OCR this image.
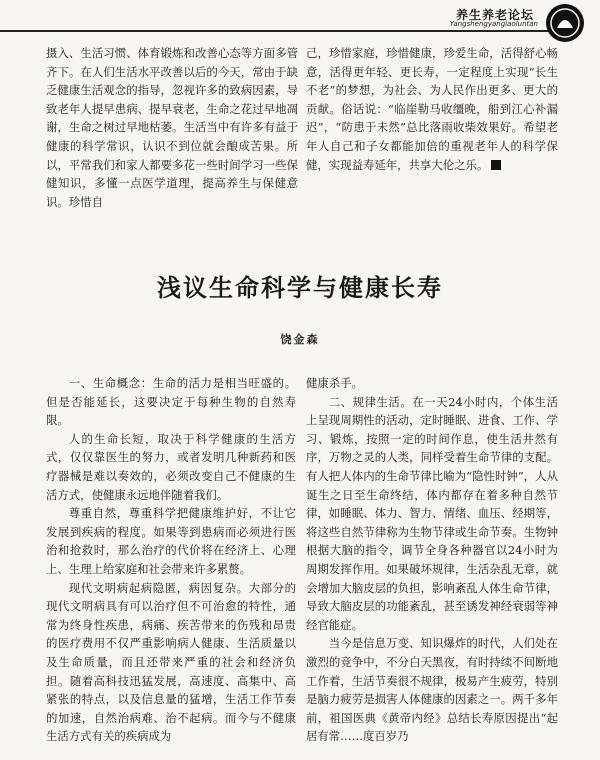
养生养老论坛
Yangshengyanglaoluntan

摄入、生活习惯、体育锻炼和改善心态等方面多管齐下。在人们生活水平改善以后的今天，常由于缺乏健康生活观念的指导，忽视许多的致病因素，导致老年人提早患病、提早衰老，生命之花过早地凋谢，生命之树过早地枯萎。生活当中有许多有益于健康的科学常识，认识不到位就会酿成苦果。所以，平常我们和家人都要多花一些时间学习一些保健知识，多懂一点医学道理，提高养生与保健意识。珍惜自

己，珍惜家庭，珍惜健康，珍爱生命，活得舒心畅意，活得更年轻、更长寿，一定程度上实现“长生不老”的梦想，为社会、为人民作出更多、更大的贡献。俗话说：“临崖勒马收缰晚，船到江心补漏迟”，“防患于未然”总比落雨收柴效果好。希望老年人自己和子女都能加倍的重视老年人的科学保健，实现益寿延年，共享大伦之乐。

浅议生命科学与健康长寿
饶金森

一、生命概念：生命的活力是相当旺盛的。但是否能延长，这要决定于每种生物的自然寿限。

人的生命长短，取决于科学健康的生活方式，仅仅靠医生的努力，或者发明几种新药和医疗器械是难以奏效的，必须改变自己不健康的生活方式，使健康永远地伴随着我们。

尊重自然，尊重科学把健康维护好，不让它发展到疾病的程度。如果等到患病而必须进行医治和抢救时，那么治疗的代价将在经济上、心理上、生理上给家庭和社会带来许多累赘。

现代文明病起病隐匿，病因复杂。大部分的现代文明病具有可以治疗但不可治愈的特性，通常为终身性疾患，病痛、疾苦带来的伤残和昂贵的医疗费用不仅严重影响病人健康、生活质量以及生命质量，而且还带来严重的社会和经济负担。随着高科技迅猛发展，高速度、高集中、高紧张的特点，以及信息量的猛增，生活工作节奏的加速，自然治病难、治不起病。而今与不健康生活方式有关的疾病成为

健康杀手。

二、规律生活。在一天24小时内，个体生活上呈现周期性的活动，定时睡眠、进食、工作、学习、锻炼，按照一定的时间作息，使生活井然有序，万物之灵的人类，同样受着生命节律的支配。有人把人体内的生命节律比喻为“隐性时钟”，人从诞生之日至生命终结，体内都存在着多种自然节律，如睡眠、体力、智力、情绪、血压、经期等，将这些自然节律称为生物节律或生命节奏。生物钟根据大脑的指令，调节全身各种器官以24小时为周期发挥作用。如果破坏规律，生活杂乱无章，就会增加大脑皮层的负担，影响紊乱人体生命节律，导致大脑皮层的功能紊乱，甚至诱发神经衰弱等神经官能症。

当今是信息万变、知识爆炸的时代，人们处在激烈的竞争中，不分白天黑夜，有时持续不间断地工作着，生活节奏很不规律，极易产生疲劳，特别是脑力疲劳是损害人体健康的因素之一。两千多年前，祖国医典《黄帝内经》总结长寿原因提出“起居有常……度百岁乃
